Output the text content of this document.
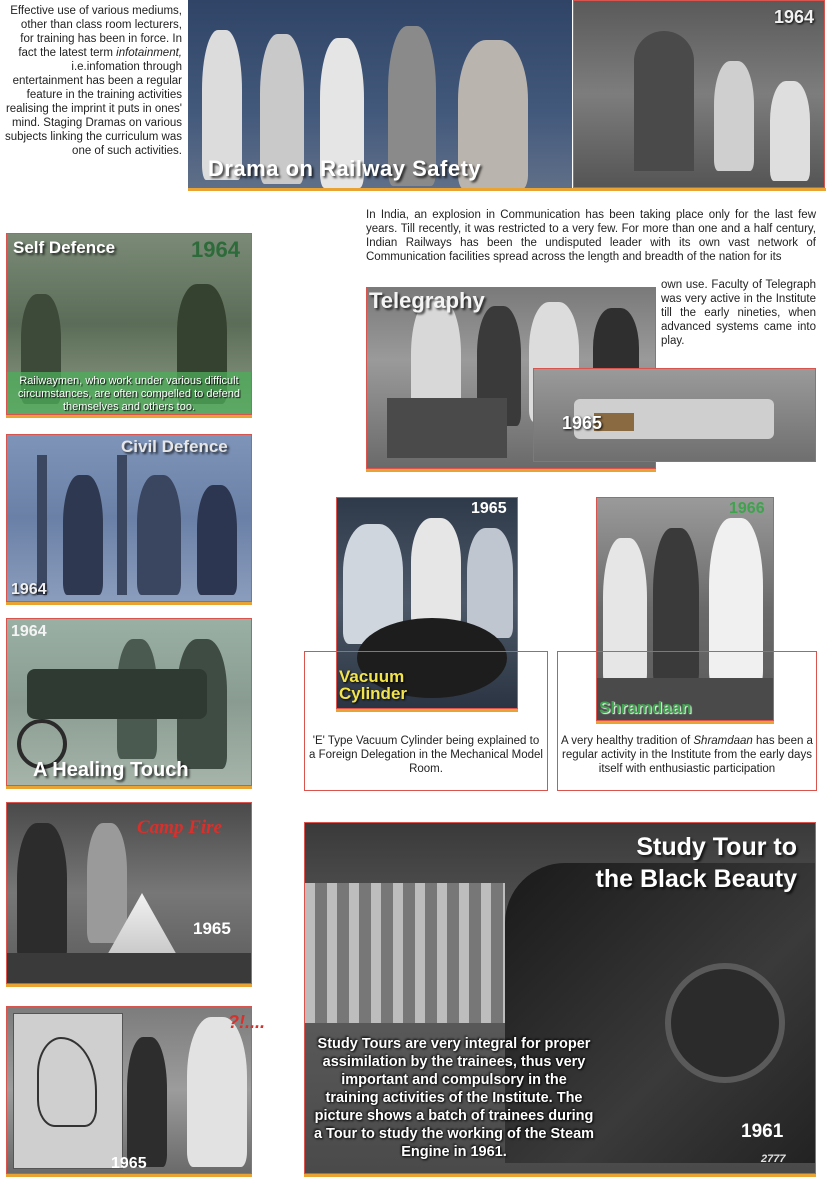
Effective use of various mediums,
other than class room lecturers,
for training has been in force. In
fact the latest term infotainment,
i.e.infomation through
entertainment has been a regular
feature in the training activities
realising the imprint it puts in ones'
mind. Staging Dramas on various
subjects linking the curriculum was
one of such activities.
Drama on Railway Safety
1964
In India, an explosion in Communication has been taking place only for the last few years. Till recently, it was restricted to a very few. For more than one and a half century, Indian Railways has been the undisputed leader with its own vast network of Communication facilities spread across the length and breadth of the nation for its
own use. Faculty of Telegraph was very active in the Institute till the early nineties, when advanced systems came into play.
Telegraphy
1965
Self Defence	1964
Railwaymen, who work under various difficult circumstances, are often compelled to defend themselves and others too.
Civil Defence
1964
1964
A Healing Touch
Camp Fire
1965
1965
?!....
1965
Vacuum
Cylinder
'E' Type Vacuum Cylinder being explained to a Foreign Delegation in the Mechanical Model Room.
1966
Shramdaan
A very healthy tradition of Shramdaan has been a regular activity in the Institute from the early days itself with enthusiastic participation
Study Tour to
the Black Beauty
Study Tours are very integral for proper assimilation by the trainees, thus very important and compulsory in the training activities of the Institute. The picture shows a batch of trainees during a Tour to study the working of the Steam Engine in 1961.
1961
2777
